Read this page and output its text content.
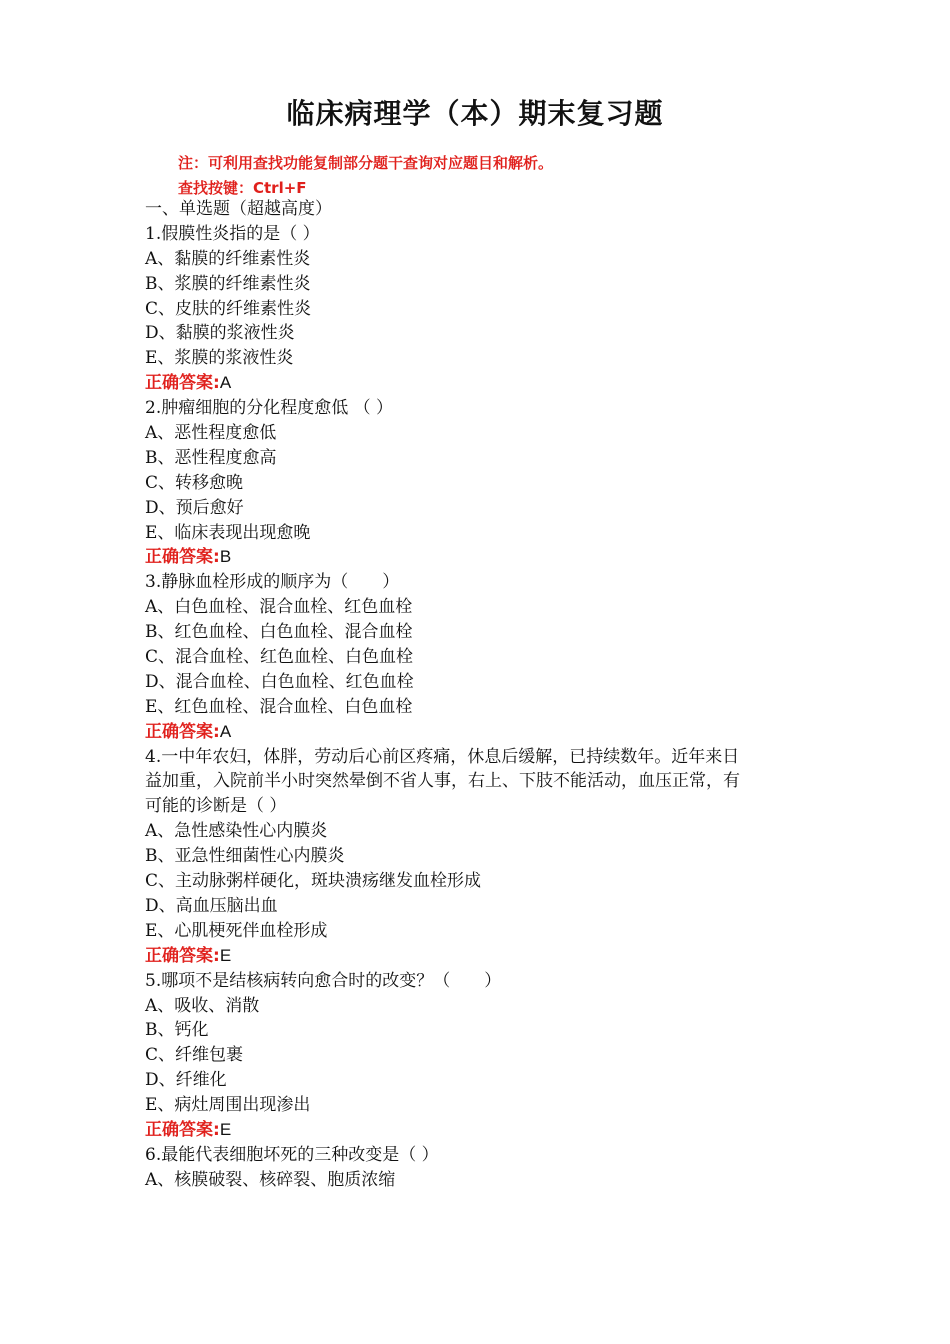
临床病理学（本）期末复习题
注：可利用查找功能复制部分题干查询对应题目和解析。
查找按键：Ctrl+F
一、单选题（超越高度）
1.假膜性炎指的是（ ）
A、黏膜的纤维素性炎
B、浆膜的纤维素性炎
C、皮肤的纤维素性炎
D、黏膜的浆液性炎
E、浆膜的浆液性炎
正确答案:A
2.肿瘤细胞的分化程度愈低 （ ）
A、恶性程度愈低
B、恶性程度愈高
C、转移愈晚
D、预后愈好
E、临床表现出现愈晚
正确答案:B
3.静脉血栓形成的顺序为（　　）
A、白色血栓、混合血栓、红色血栓
B、红色血栓、白色血栓、混合血栓
C、混合血栓、红色血栓、白色血栓
D、混合血栓、白色血栓、红色血栓
E、红色血栓、混合血栓、白色血栓
正确答案:A
4.一中年农妇，体胖，劳动后心前区疼痛，休息后缓解，已持续数年。近年来日
益加重，入院前半小时突然晕倒不省人事，右上、下肢不能活动，血压正常，有
可能的诊断是（ ）
A、急性感染性心内膜炎
B、亚急性细菌性心内膜炎
C、主动脉粥样硬化，斑块溃疡继发血栓形成
D、高血压脑出血
E、心肌梗死伴血栓形成
正确答案:E
5.哪项不是结核病转向愈合时的改变？（　　）
A、吸收、消散
B、钙化
C、纤维包裹
D、纤维化
E、病灶周围出现渗出
正确答案:E
6.最能代表细胞坏死的三种改变是（ ）
A、核膜破裂、核碎裂、胞质浓缩
